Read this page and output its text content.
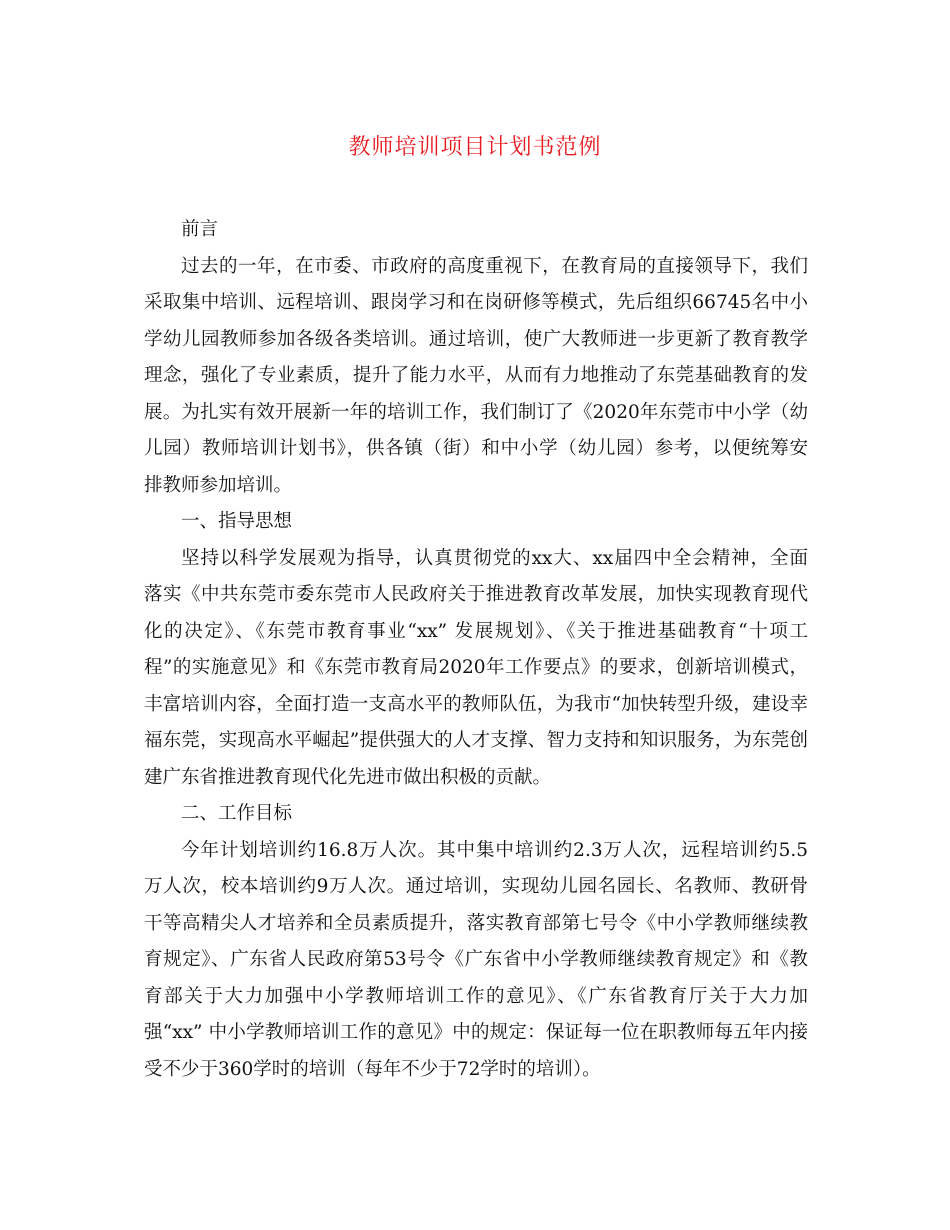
教师培训项目计划书范例
前言
过去的一年，在市委、市政府的高度重视下，在教育局的直接领导下，我们
采取集中培训、远程培训、跟岗学习和在岗研修等模式，先后组织66745名中小
学幼儿园教师参加各级各类培训。通过培训，使广大教师进一步更新了教育教学
理念，强化了专业素质，提升了能力水平，从而有力地推动了东莞基础教育的发
展。为扎实有效开展新一年的培训工作，我们制订了《2020年东莞市中小学（幼
儿园）教师培训计划书》，供各镇（街）和中小学（幼儿园）参考，以便统筹安
排教师参加培训。
一、指导思想
坚持以科学发展观为指导，认真贯彻党的xx大、xx届四中全会精神，全面
落实《中共东莞市委东莞市人民政府关于推进教育改革发展，加快实现教育现代
化的决定》、《东莞市教育事业“xx” 发展规划》、《关于推进基础教育“十项工
程”的实施意见》和《东莞市教育局2020年工作要点》的要求，创新培训模式，
丰富培训内容，全面打造一支高水平的教师队伍，为我市“加快转型升级，建设幸
福东莞，实现高水平崛起”提供强大的人才支撑、智力支持和知识服务，为东莞创
建广东省推进教育现代化先进市做出积极的贡献。
二、工作目标
今年计划培训约16.8万人次。其中集中培训约2.3万人次，远程培训约5.5
万人次，校本培训约9万人次。通过培训，实现幼儿园名园长、名教师、教研骨
干等高精尖人才培养和全员素质提升，落实教育部第七号令《中小学教师继续教
育规定》、广东省人民政府第53号令《广东省中小学教师继续教育规定》和《教
育部关于大力加强中小学教师培训工作的意见》、《广东省教育厅关于大力加
强“xx” 中小学教师培训工作的意见》中的规定：保证每一位在职教师每五年内接
受不少于360学时的培训（每年不少于72学时的培训）。
